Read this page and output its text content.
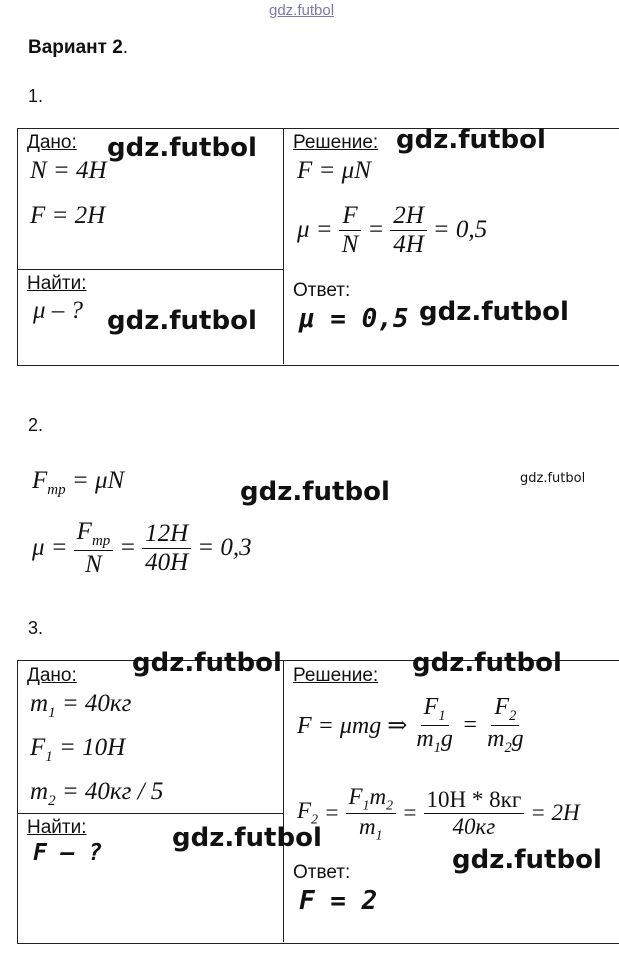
gdz.futbol
Вариант 2.
1.
Дано:
N = 4H
F = 2H
Найти:
μ – ?
Решение:
F = μN
$\mu = \frac{F}{N} = \frac{2H}{4H} = 0,5$
Ответ:
μ = 0,5
gdz.futbol	gdz.futbol
gdz.futbol	gdz.futbol
2.
$F_{mp} = \mu N$
$\mu = \frac{F_{mp}}{N} = \frac{12H}{40H} = 0,3$
gdz.futbol	gdz.futbol
3.
Дано:
$m_1 = 40кг$
$F_1 = 10H$
$m_2 = 40кг / 5$
Найти:
F – ?
Решение:
F = μmg ⇒ $\frac{F_1}{m_1g} = \frac{F_2}{m_2g}$
$F_2 = \frac{F_1m_2}{m_1} = \frac{10H * 8кг}{40кг} = 2H$
Ответ:
F = 2
gdz.futbol	gdz.futbol
gdz.futbol
gdz.futbol
